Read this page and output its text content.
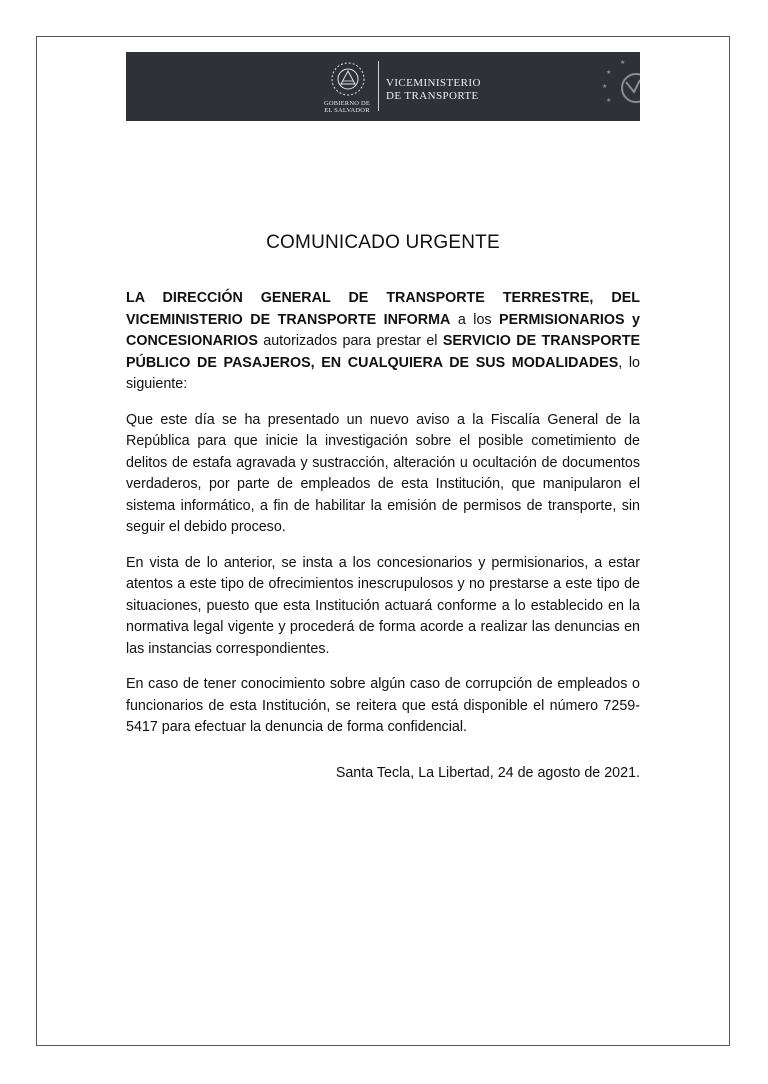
GOBIERNO DE
EL SALVADOR
VICEMINISTERIO
DE TRANSPORTE
★
★
★
★
COMUNICADO URGENTE

LA DIRECCIÓN GENERAL DE TRANSPORTE TERRESTRE, DEL VICEMINISTERIO DE TRANSPORTE INFORMA a los PERMISIONARIOS y CONCESIONARIOS autorizados para prestar el SERVICIO DE TRANSPORTE PÚBLICO DE PASAJEROS, EN CUALQUIERA DE SUS MODALIDADES, lo siguiente:

Que este día se ha presentado un nuevo aviso a la Fiscalía General de la República para que inicie la investigación sobre el posible cometimiento de delitos de estafa agravada y sustracción, alteración u ocultación de documentos verdaderos, por parte de empleados de esta Institución, que manipularon el sistema informático, a fin de habilitar la emisión de permisos de transporte, sin seguir el debido proceso.

En vista de lo anterior, se insta a los concesionarios y permisionarios, a estar atentos a este tipo de ofrecimientos inescrupulosos y no prestarse a este tipo de situaciones, puesto que esta Institución actuará conforme a lo establecido en la normativa legal vigente y procederá de forma acorde a realizar las denuncias en las instancias correspondientes.

En caso de tener conocimiento sobre algún caso de corrupción de empleados o funcionarios de esta Institución, se reitera que está disponible el número 7259-5417 para efectuar la denuncia de forma confidencial.

Santa Tecla, La Libertad, 24 de agosto de 2021.
